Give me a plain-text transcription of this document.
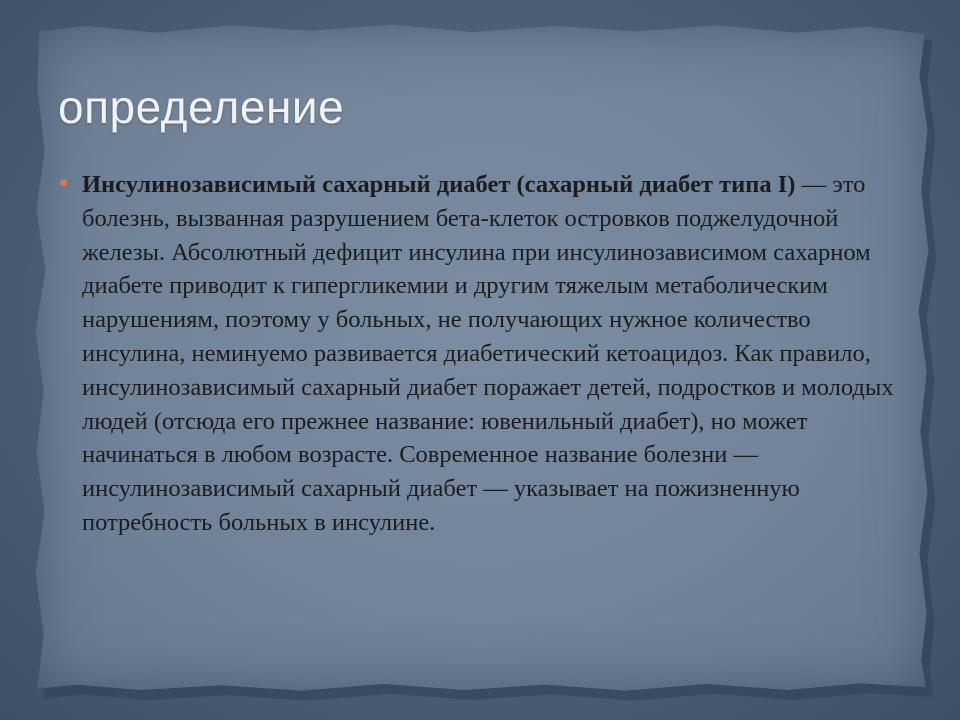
определение

Инсулинозависимый сахарный диабет (сахарный диабет типа I) — это болезнь, вызванная разрушением бета-клеток островков поджелудочной железы. Абсолютный дефицит инсулина при инсулинозависимом сахарном диабете приводит к гипергликемии и другим тяжелым метаболическим нарушениям, поэтому у больных, не получающих нужное количество инсулина, неминуемо развивается диабетический кетоацидоз. Как правило, инсулинозависимый сахарный диабет поражает детей, подростков и молодых людей (отсюда его прежнее название: ювенильный диабет), но может начинаться в любом возрасте. Современное название болезни — инсулинозависимый сахарный диабет — указывает на пожизненную потребность больных в инсулине.
